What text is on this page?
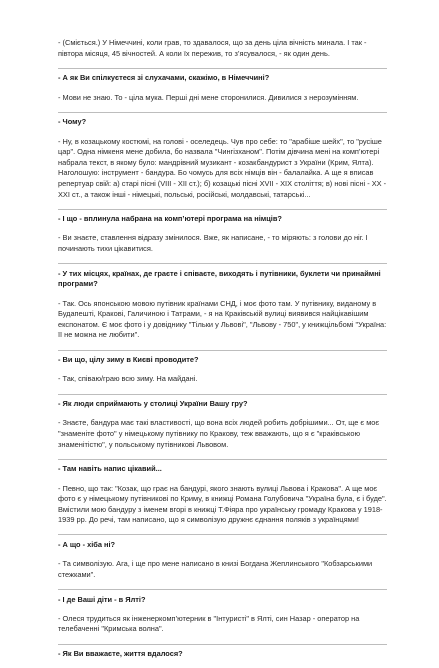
- (Сміється.) У Німеччині, коли грав, то здавалося, що за день ціла вічність минала. І так - півтора місяця, 45 вічностей. А коли їх пережив, то з’ясувалося, - як один день.
- А як Ви спілкуєтеся зі слухачами, скажімо, в Німеччині?
- Мови не знаю. То - ціла мука. Перші дні мене сторонилися. Дивилися з нерозумінням.
- Чому?
- Ну, в козацькому костюмі, на голові - оселедець. Чув про себе: то "арабіше шейх", то "русіше цар". Одна німкеня мене добила, бо назвала "Чингізханом". Потім дівчина мені на комп’ютері набрала текст, в якому було: мандрівний музикант - козакбандурист з України (Крим, Ялта). Наголошую: інструмент - бандура. Бо чомусь для всіх німців він - балалайка. А ще я вписав репертуар свій: а) старі пісні (VIII - XII ст.); б) козацькі пісні XVII - XIX століття; в) нові пісні - XX - XXI ст., а також інші - німецькі, польські, російські, молдавські, татарські...
- І що - вплинула набрана на комп’ютері програма на німців?
- Ви знаєте, ставлення відразу змінилося. Вже, як написане, - то міряють: з голови до ніг. І починають тихи цікавитися.
- У тих місцях, країнах, де граєте і співаєте, виходять і путівники, буклети чи принаймні програми?
- Так. Ось японською мовою путівник країнами СНД, і моє фото там. У путівнику, виданому в Будапешті, Кракові, Галичиною і Татрами, - я на Краківській вулиці виявився найцікавішим експонатом. Є моє фото і у довіднику "Тільки у Львові", "Львову - 750", у книжцільбомі "Україна: її не можна не любити".
- Ви що, цілу зиму в Києві проводите?
- Так, співаю/граю всю зиму. На майдані.
- Як люди сприймають у столиці України Вашу гру?
- Знаєте, бандура має такі властивості, що вона всіх людей робить добрішими... От, ще є моє "знаменіте фото" у німецькому путівнику по Кракову, теж вважають, що я є "краківською знаменітістю", у польському путівникові Львовом.
- Там навіть напис цікавий...
- Певно, що так: "Козак, що грає на бандурі, якого знають вулиці Львова і Кракова". А ще моє фото є у німецькому путівникові по Криму, в книжці Романа Голубовича "Україна була, є і буде". Вмістили мою бандуру з іменем вгорі в книжці Т.Фіяра про українську громаду Кракова у 1918-1939 рр. До речі, там написано, що я символізую дружнє єднання поляків з українцями!
- А що - хіба ні?
- Та символізую. Ага, і ще про мене написано в книзі Богдана Жеплинського "Кобзарськими стежками".
- І де Ваші діти - в Ялті?
- Олеся трудиться як інженеркомп’ютерник в "Інтуристі" в Ялті, син Назар - оператор на телебаченні "Кримська волна".
- Як Ви вважаєте, життя вдалося?
